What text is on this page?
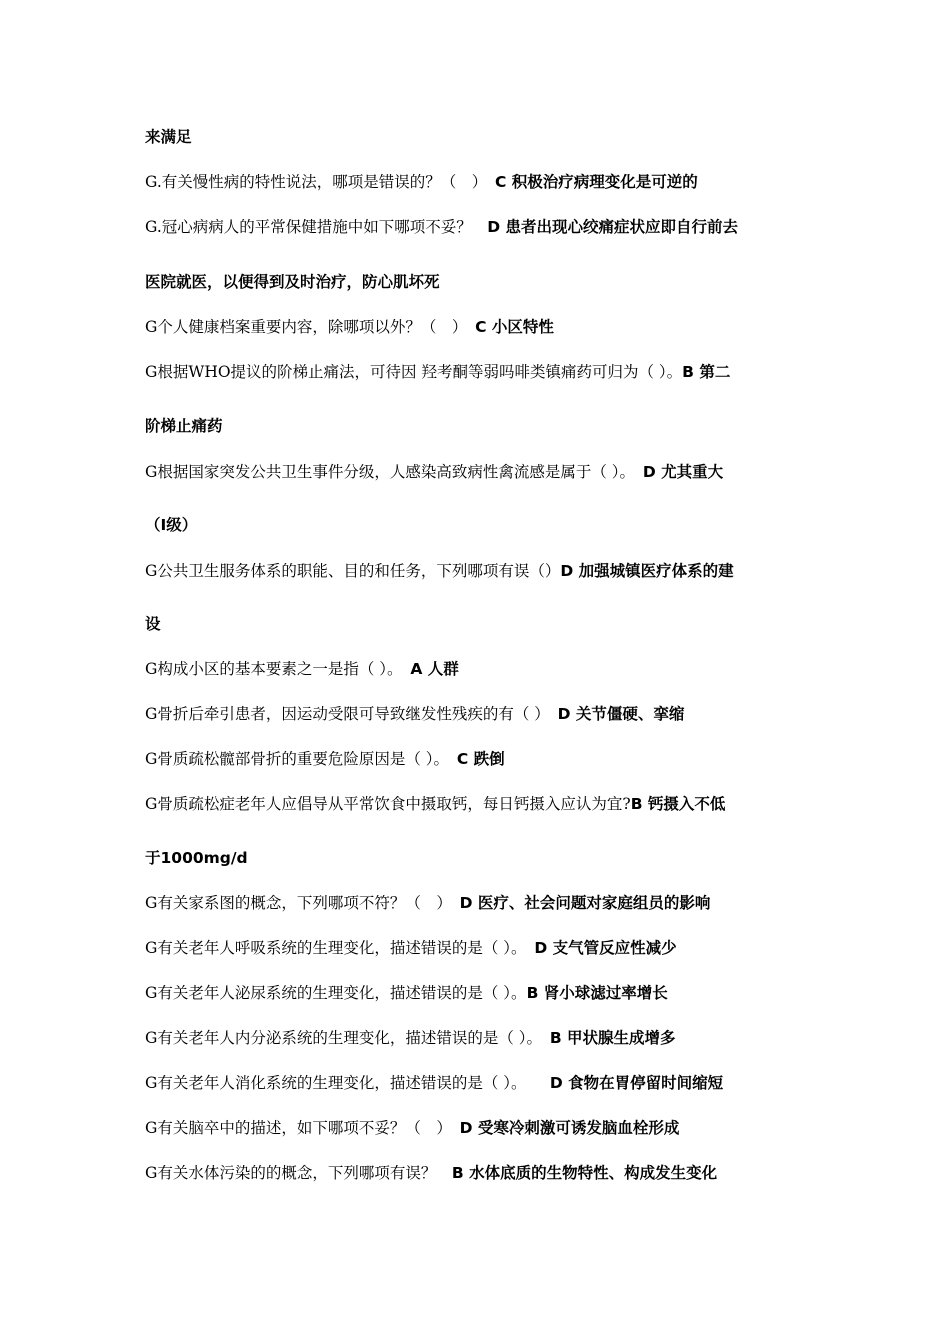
来满足
G.有关慢性病的特性说法，哪项是错误的？（　）　C 积极治疗病理变化是可逆的
G.冠心病病人的平常保健措施中如下哪项不妥？　D 患者出现心绞痛症状应即自行前去
医院就医，以便得到及时治疗，防心肌坏死
G个人健康档案重要内容，除哪项以外？（　）　C 小区特性
G根据WHO提议的阶梯止痛法，可待因 羟考酮等弱吗啡类镇痛药可归为（ ）。B 第二
阶梯止痛药
G根据国家突发公共卫生事件分级，人感染高致病性禽流感是属于（ ）。　D 尤其重大
（Ⅰ级）
G公共卫生服务体系的职能、目的和任务，下列哪项有误（）D 加强城镇医疗体系的建
设
G构成小区的基本要素之一是指（ ）。　A 人群
G骨折后牵引患者，因运动受限可导致继发性残疾的有（ ）　D 关节僵硬、挛缩
G骨质疏松髋部骨折的重要危险原因是（ ）。　C 跌倒
G骨质疏松症老年人应倡导从平常饮食中摄取钙，每日钙摄入应认为宜?B 钙摄入不低
于1000mg/d
G有关家系图的概念，下列哪项不符？（　）　D 医疗、社会问题对家庭组员的影响
G有关老年人呼吸系统的生理变化，描述错误的是（ ）。　D 支气管反应性减少
G有关老年人泌尿系统的生理变化，描述错误的是（ ）。B 肾小球滤过率增长
G有关老年人内分泌系统的生理变化，描述错误的是（ ）。　B 甲状腺生成增多
G有关老年人消化系统的生理变化，描述错误的是（ ）。　　D 食物在胃停留时间缩短
G有关脑卒中的描述，如下哪项不妥？（　）　D 受寒冷刺激可诱发脑血栓形成
G有关水体污染的的概念，下列哪项有误？　B 水体底质的生物特性、构成发生变化
